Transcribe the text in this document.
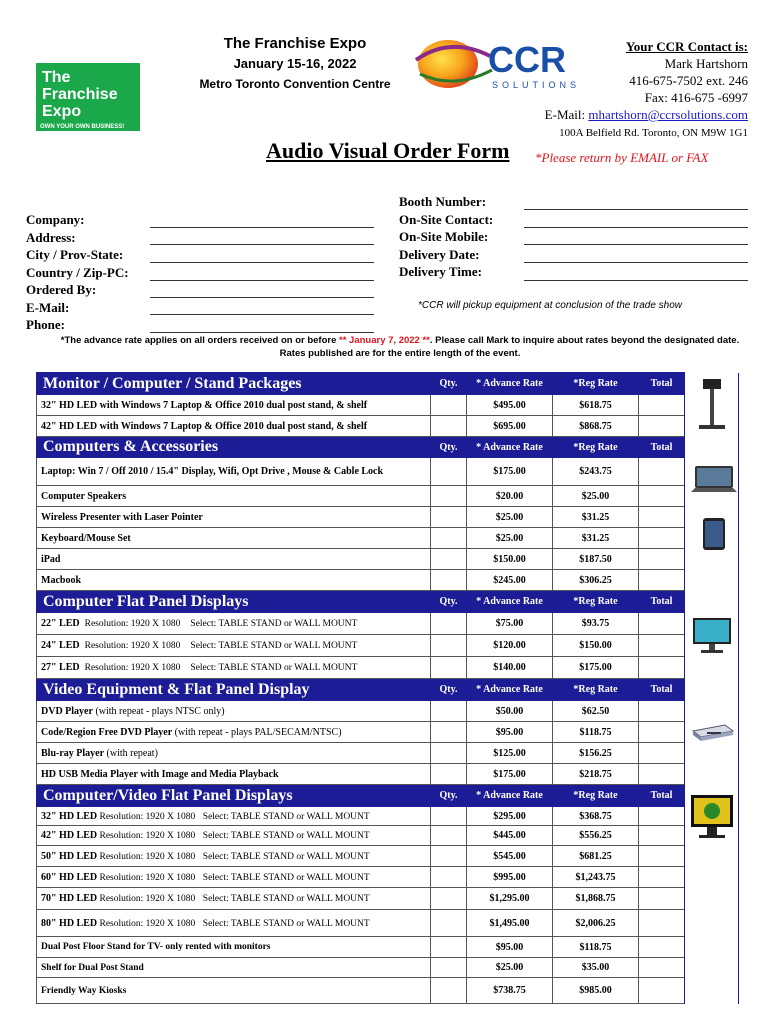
The
Franchise
Expo
OWN YOUR OWN BUSINESS!
The Franchise Expo
January 15-16, 2022
Metro Toronto Convention Centre
CCR
SOLUTIONS
Your CCR Contact is:
Mark Hartshorn
416-675-7502 ext. 246
Fax: 416-675 -6997
E-Mail: mhartshorn@ccrsolutions.com
100A Belfield Rd. Toronto, ON M9W 1G1
Audio Visual Order Form *Please return by EMAIL or FAX
Company:
Address:
City / Prov-State:
Country / Zip-PC:
Ordered By:
E-Mail:
Phone:
Booth Number:
On-Site Contact:
On-Site Mobile:
Delivery Date:
Delivery Time:
*CCR will pickup equipment at conclusion of the trade show
*The advance rate applies on all orders received on or before ** January 7, 2022 **. Please call Mark to inquire about rates beyond the designated date.
Rates published are for the entire length of the event.
Monitor / Computer / Stand Packages	Qty.	* Advance Rate	*Reg Rate	Total	
32" HD LED with Windows 7 Laptop & Office 2010 dual post stand, & shelf		$495.00	$618.75		
42" HD LED with Windows 7 Laptop & Office 2010 dual post stand, & shelf		$695.00	$868.75		
Computers & Accessories	Qty.	* Advance Rate	*Reg Rate	Total	
Laptop: Win 7 / Off 2010 / 15.4" Display, Wifi, Opt Drive , Mouse & Cable Lock		$175.00	$243.75		
Computer Speakers		$20.00	$25.00		
Wireless Presenter with Laser Pointer		$25.00	$31.25		
Keyboard/Mouse Set		$25.00	$31.25		
iPad		$150.00	$187.50		
Macbook		$245.00	$306.25		
Computer Flat Panel Displays	Qty.	* Advance Rate	*Reg Rate	Total	
22" LED Resolution: 1920 X 1080 Select: TABLE STAND or WALL MOUNT		$75.00	$93.75		
24" LED Resolution: 1920 X 1080 Select: TABLE STAND or WALL MOUNT		$120.00	$150.00		
27" LED Resolution: 1920 X 1080 Select: TABLE STAND or WALL MOUNT		$140.00	$175.00		
Video Equipment & Flat Panel Display	Qty.	* Advance Rate	*Reg Rate	Total	
DVD Player (with repeat - plays NTSC only)		$50.00	$62.50		
Code/Region Free DVD Player (with repeat - plays PAL/SECAM/NTSC)		$95.00	$118.75		
Blu-ray Player (with repeat)		$125.00	$156.25		
HD USB Media Player with Image and Media Playback		$175.00	$218.75		
Computer/Video Flat Panel Displays	Qty.	* Advance Rate	*Reg Rate	Total	
32" HD LED Resolution: 1920 X 1080 Select: TABLE STAND or WALL MOUNT		$295.00	$368.75		
42" HD LED Resolution: 1920 X 1080 Select: TABLE STAND or WALL MOUNT		$445.00	$556.25		
50" HD LED Resolution: 1920 X 1080 Select: TABLE STAND or WALL MOUNT		$545.00	$681.25		
60" HD LED Resolution: 1920 X 1080 Select: TABLE STAND or WALL MOUNT		$995.00	$1,243.75		
70" HD LED Resolution: 1920 X 1080 Select: TABLE STAND or WALL MOUNT		$1,295.00	$1,868.75		
80" HD LED Resolution: 1920 X 1080 Select: TABLE STAND or WALL MOUNT		$1,495.00	$2,006.25		
Dual Post Floor Stand for TV- only rented with monitors		$95.00	$118.75		
Shelf for Dual Post Stand		$25.00	$35.00		
Friendly Way Kiosks		$738.75	$985.00		
